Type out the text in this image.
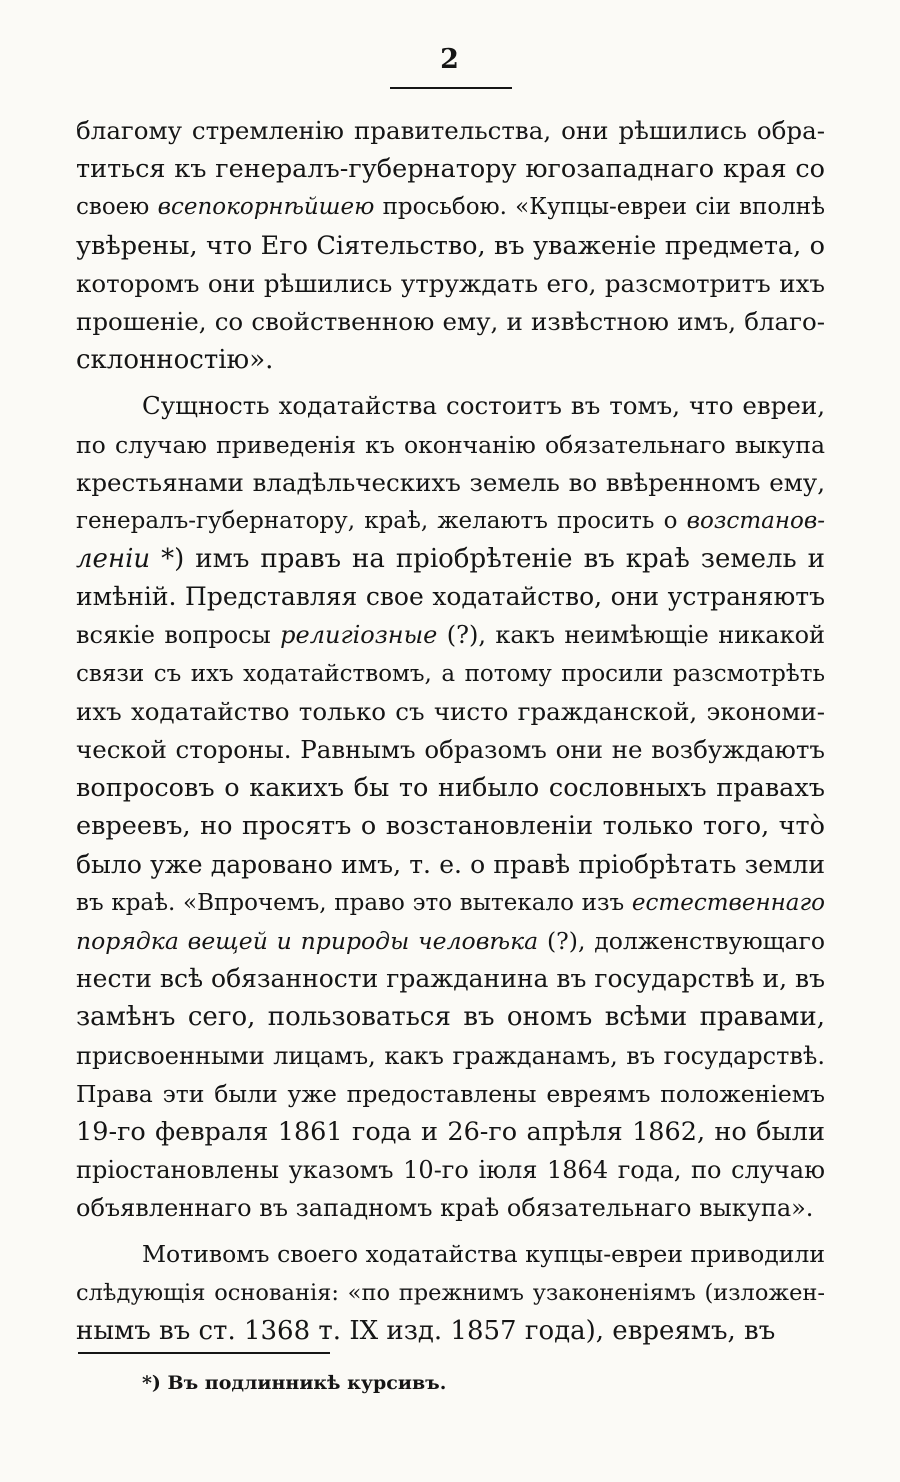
2
благому стремленію правительства, они рѣшились обра-
титься къ генералъ-губернатору югозападнаго края со
своею всепокорнѣйшею просьбою. «Купцы-евреи сіи вполнѣ
увѣрены, что Его Сіятельство, въ уваженіе предмета, о
которомъ они рѣшились утруждать его, разсмотритъ ихъ
прошеніе, со свойственною ему, и извѣстною имъ, благо-
склонностію».
Сущность ходатайства состоитъ въ томъ, что евреи,
по случаю приведенія къ окончанію обязательнаго выкупа
крестьянами владѣльческихъ земель во ввѣренномъ ему,
генералъ-губернатору, краѣ, желаютъ просить о возстанов-
леніи *) имъ правъ на пріобрѣтеніе въ краѣ земель и
имѣній. Представляя свое ходатайство, они устраняютъ
всякіе вопросы религіозные (?), какъ неимѣющіе никакой
связи съ ихъ ходатайствомъ, а потому просили разсмотрѣть
ихъ ходатайство только съ чисто гражданской, экономи-
ческой стороны. Равнымъ образомъ они не возбуждаютъ
вопросовъ о какихъ бы то нибыло сословныхъ правахъ
евреевъ, но просятъ о возстановленіи только того, что̀
было уже даровано имъ, т. е. о правѣ пріобрѣтать земли
въ краѣ. «Впрочемъ, право это вытекало изъ естественнаго
порядка вещей и природы человѣка (?), долженствующаго
нести всѣ обязанности гражданина въ государствѣ и, въ
замѣнъ сего, пользоваться въ ономъ всѣми правами,
присвоенными лицамъ, какъ гражданамъ, въ государствѣ.
Права эти были уже предоставлены евреямъ положеніемъ
19-го февраля 1861 года и 26-го апрѣля 1862, но были
пріостановлены указомъ 10-го іюля 1864 года, по случаю
объявленнаго въ западномъ краѣ обязательнаго выкупа».
Мотивомъ своего ходатайства купцы-евреи приводили
слѣдующія основанія: «по прежнимъ узаконеніямъ (изложен-
нымъ въ ст. 1368 т. IX изд. 1857 года), евреямъ, въ
*) Въ подлинникѣ курсивъ.
